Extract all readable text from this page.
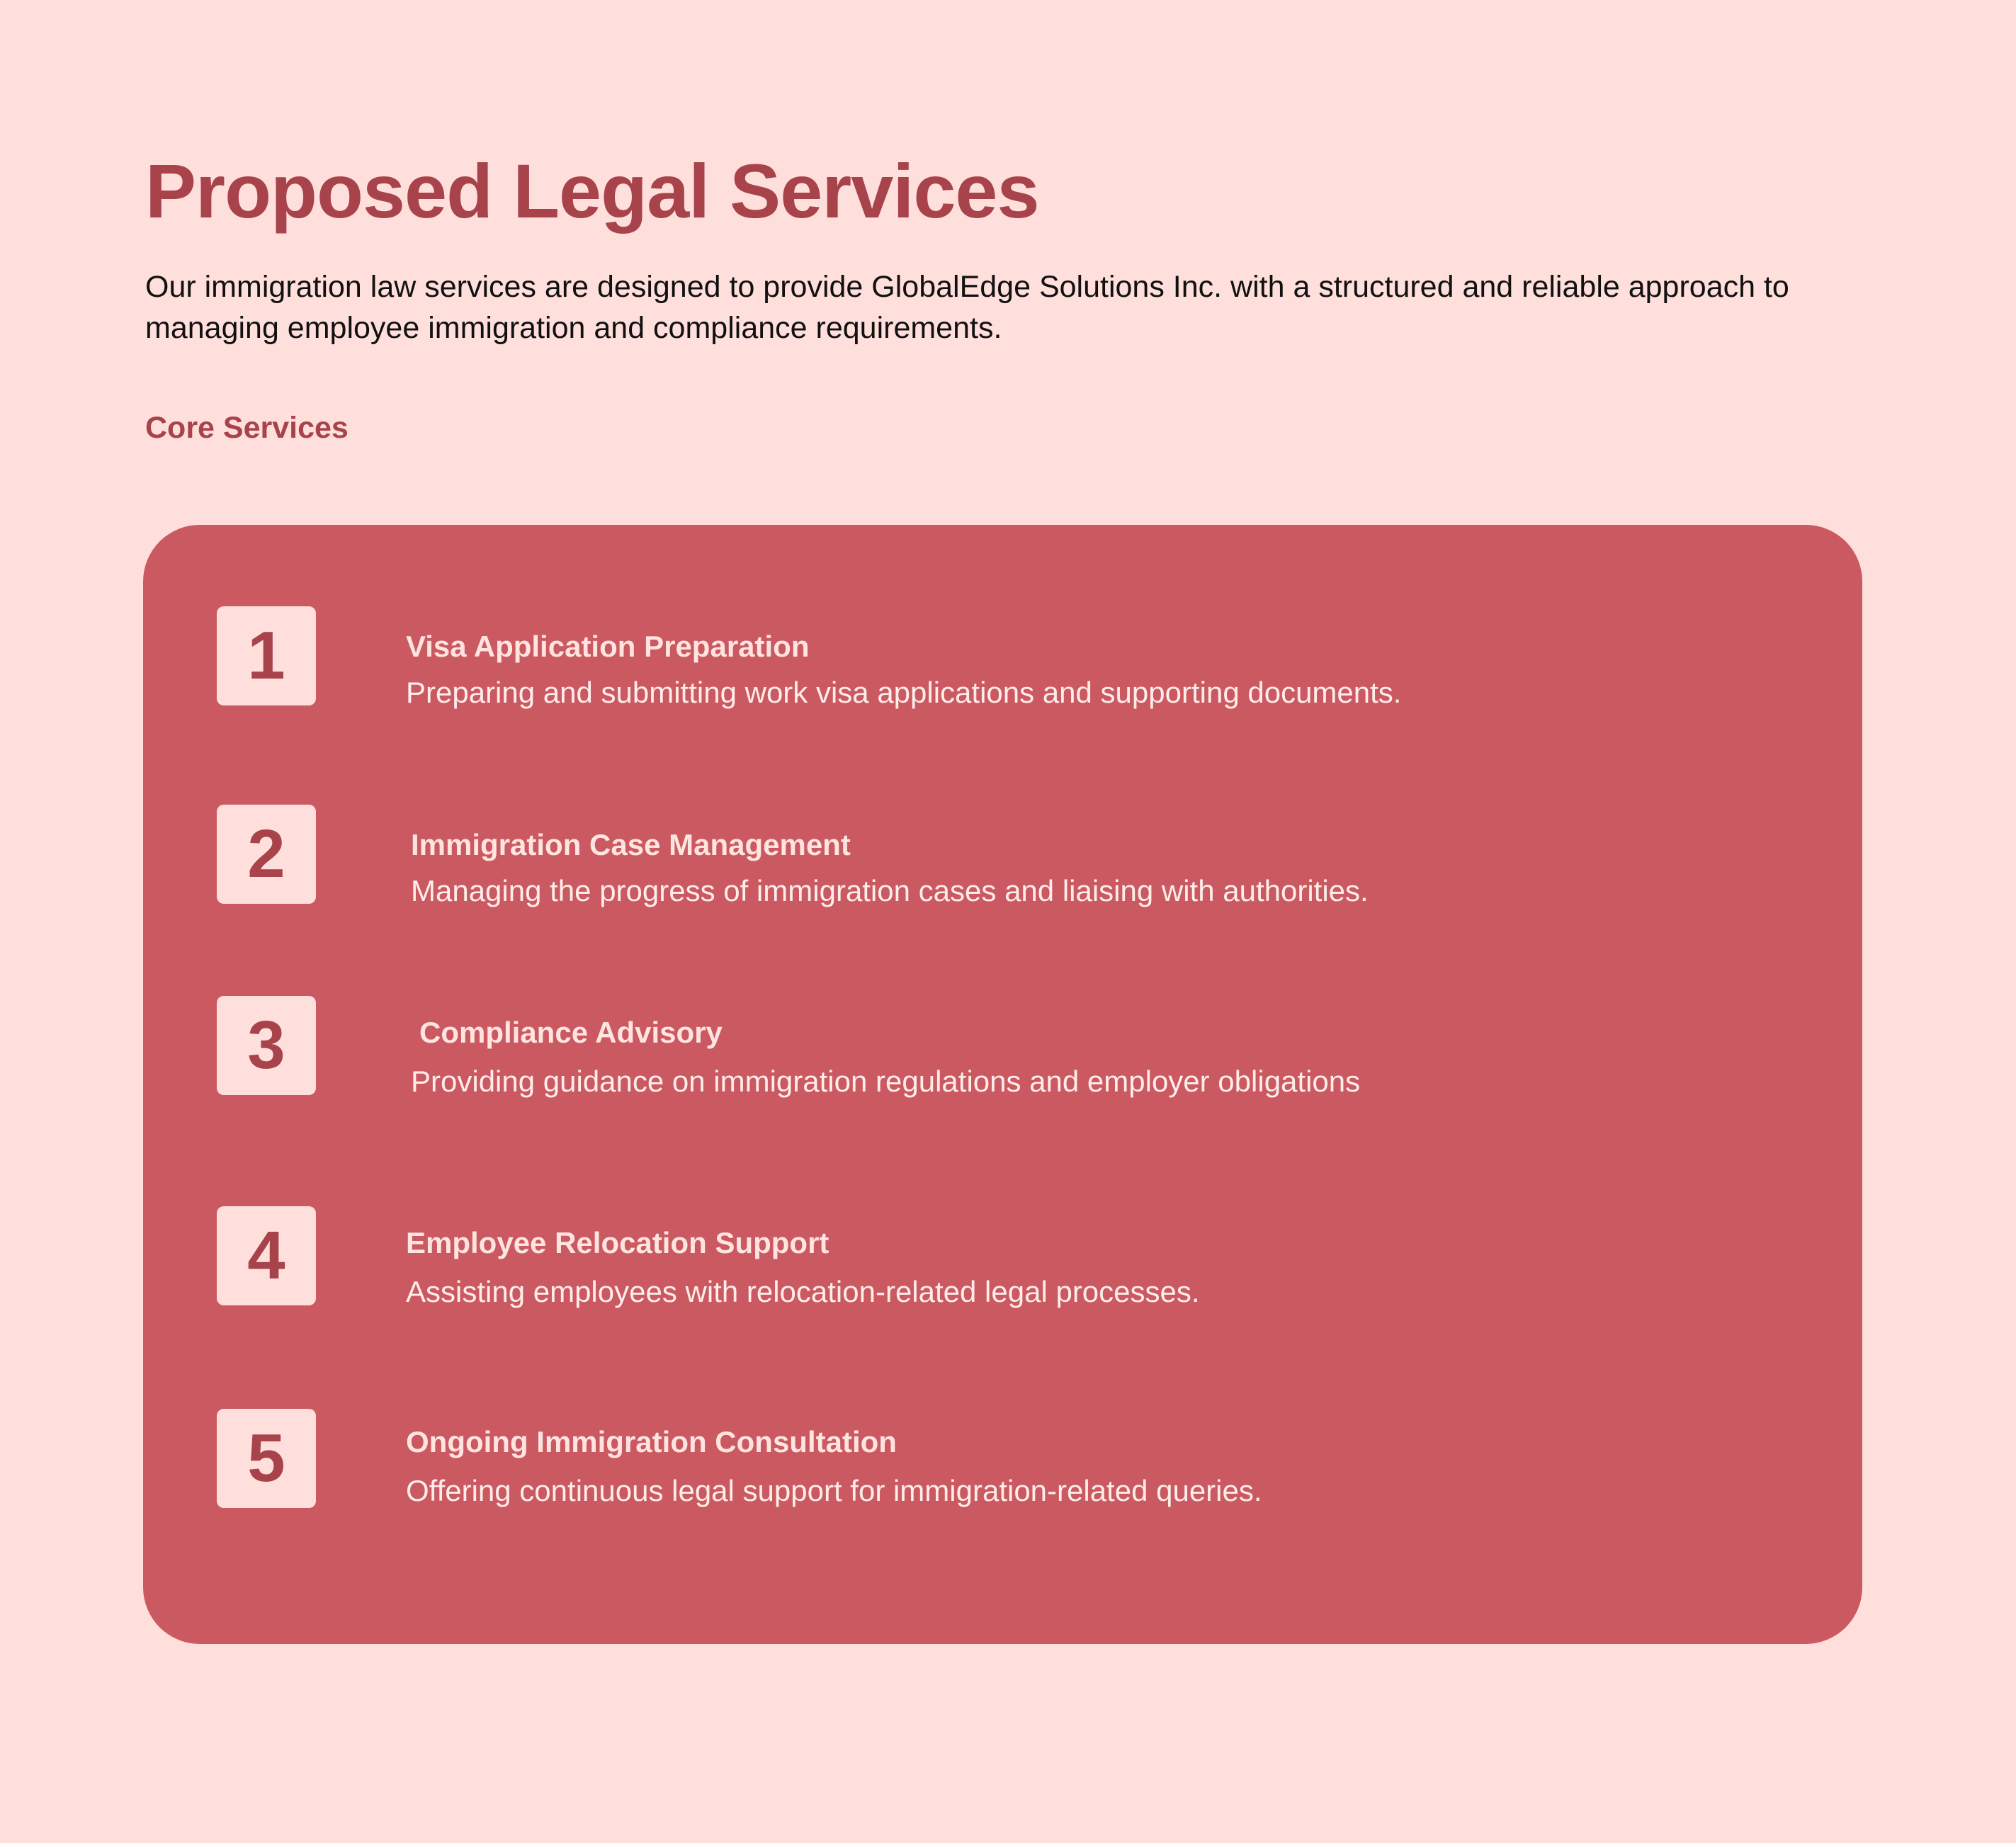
Proposed Legal Services

Our immigration law services are designed to provide GlobalEdge Solutions Inc. with a structured and reliable approach to managing employee immigration and compliance requirements.

Core Services
1	Visa Application Preparation
Preparing and submitting work visa applications and supporting documents.
2	Immigration Case Management
Managing the progress of immigration cases and liaising with authorities.
3	Compliance Advisory
Providing guidance on immigration regulations and employer obligations
4	Employee Relocation Support
Assisting employees with relocation-related legal processes.
5	Ongoing Immigration Consultation
Offering continuous legal support for immigration-related queries.
